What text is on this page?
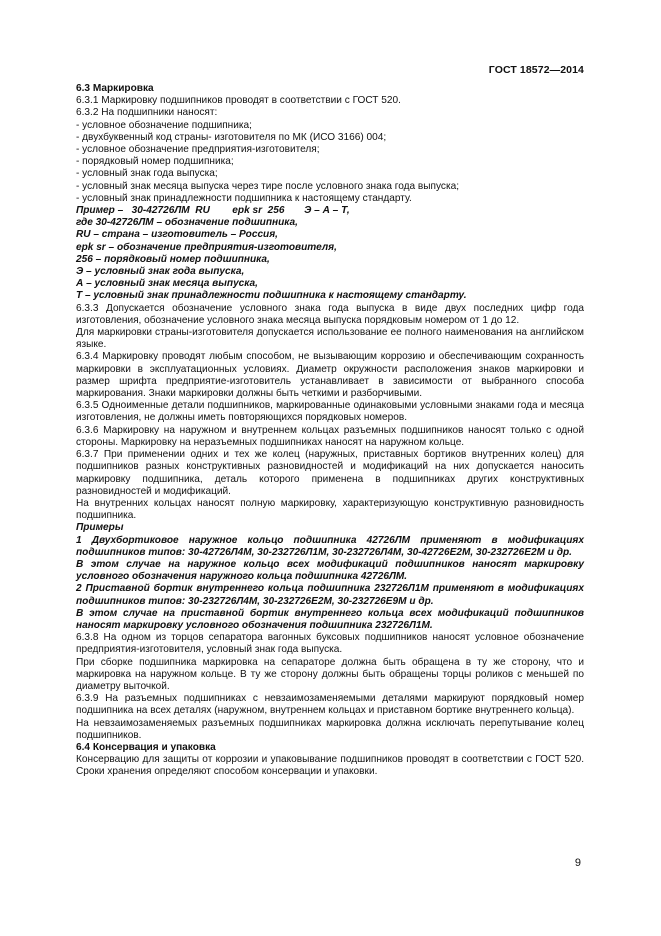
ГОСТ 18572—2014

6.3 Маркировка

6.3.1 Маркировку подшипников проводят в соответствии с ГОСТ 520.

6.3.2 На подшипники наносят:

- условное обозначение подшипника;

- двухбуквенный код страны- изготовителя по МК (ИСО 3166) 004;

- условное обозначение предприятия-изготовителя;

- порядковый номер подшипника;

- условный знак года выпуска;

- условный знак месяца выпуска через тире после условного знака года выпуска;

- условный знак принадлежности подшипника к настоящему стандарту.

Пример –   30-42726ЛМ  RU        epk sr  256       Э – А – Т,

где 30-42726ЛМ – обозначение подшипника,

RU – страна – изготовитель – Россия,

epk sr – обозначение предприятия-изготовителя,

256 – порядковый номер подшипника,

Э – условный знак года выпуска,

А – условный знак месяца выпуска,

Т – условный знак принадлежности подшипника к настоящему стандарту.

6.3.3 Допускается обозначение условного знака года выпуска в виде двух последних цифр года изготовления, обозначение условного знака месяца выпуска порядковым номером от 1 до 12.

Для маркировки страны-изготовителя допускается использование ее полного наименования на английском языке.

6.3.4 Маркировку проводят любым способом, не вызывающим коррозию и обеспечивающим сохранность маркировки в эксплуатационных условиях. Диаметр окружности расположения знаков маркировки и размер шрифта предприятие-изготовитель устанавливает в зависимости от выбранного способа маркирования. Знаки маркировки должны быть четкими и разборчивыми.

6.3.5 Одноименные детали подшипников, маркированные одинаковыми условными знаками года и месяца изготовления, не должны иметь повторяющихся порядковых номеров.

6.3.6 Маркировку на наружном и внутреннем кольцах разъемных подшипников наносят только с одной стороны. Маркировку на неразъемных подшипниках наносят на наружном кольце.

6.3.7 При применении одних и тех же колец (наружных, приставных бортиков внутренних колец) для подшипников разных конструктивных разновидностей и модификаций на них допускается наносить маркировку подшипника, деталь которого применена в подшипниках других конструктивных разновидностей и модификаций.

На внутренних кольцах наносят полную маркировку, характеризующую конструктивную разновидность подшипника.

Примеры

1 Двухбортиковое наружное кольцо подшипника 42726ЛМ применяют в модификациях подшипников типов: 30-42726Л4М, 30-232726Л1М, 30-232726Л4М, 30-42726Е2М, 30-232726Е2М и др.

В этом случае на наружное кольцо всех модификаций подшипников наносят маркировку условного обозначения наружного кольца подшипника 42726ЛМ.

2 Приставной бортик внутреннего кольца подшипника 232726Л1М применяют в модификациях подшипников типов: 30-232726Л4М, 30-232726Е2М, 30-232726Е9М и др.

В этом случае на приставной бортик внутреннего кольца всех модификаций подшипников наносят маркировку условного обозначения подшипника 232726Л1М.

6.3.8 На одном из торцов сепаратора вагонных буксовых подшипников наносят условное обозначение предприятия-изготовителя, условный знак года выпуска.

При сборке подшипника маркировка на сепараторе должна быть обращена в ту же сторону, что и маркировка на наружном кольце. В ту же сторону должны быть обращены торцы роликов с меньшей по диаметру выточкой.

6.3.9 На разъемных подшипниках с невзаимозаменяемыми деталями маркируют порядковый номер подшипника на всех деталях (наружном, внутреннем кольцах и приставном бортике внутреннего кольца).

На невзаимозаменяемых разъемных подшипниках маркировка должна исключать перепутывание колец подшипников.

6.4 Консервация и упаковка

Консервацию для защиты от коррозии и упаковывание подшипников проводят в соответствии с ГОСТ 520. Сроки хранения определяют способом консервации и упаковки.

9
